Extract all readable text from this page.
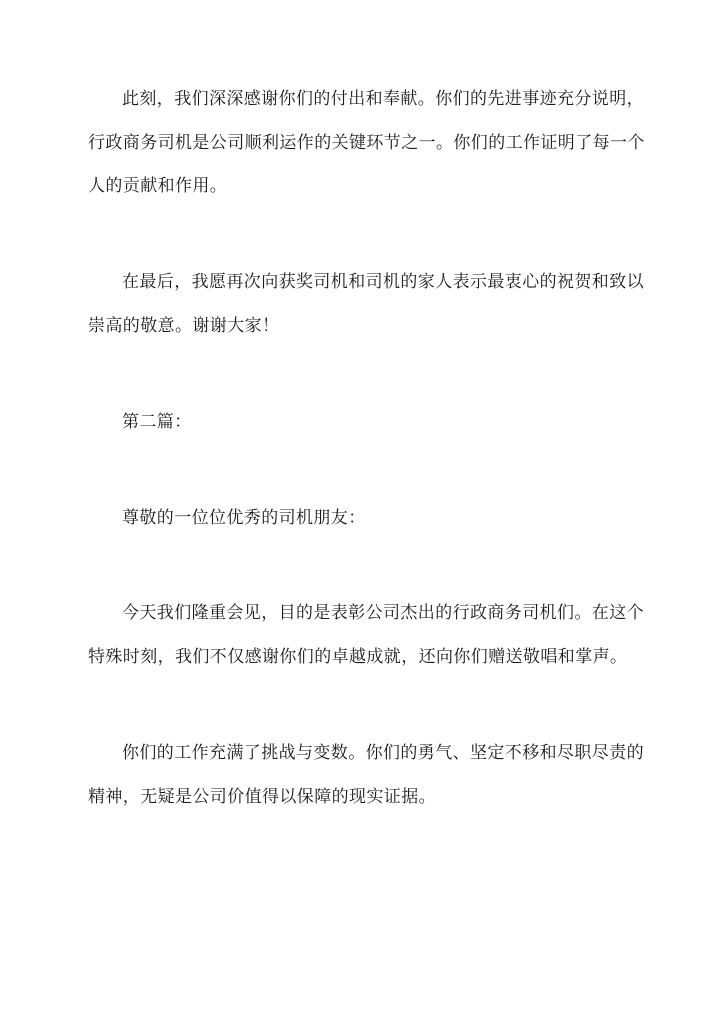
此刻，我们深深感谢你们的付出和奉献。你们的先进事迹充分说明，
行政商务司机是公司顺利运作的关键环节之一。你们的工作证明了每一个
人的贡献和作用。
在最后，我愿再次向获奖司机和司机的家人表示最衷心的祝贺和致以
崇高的敬意。谢谢大家！
第二篇：
尊敬的一位位优秀的司机朋友：
今天我们隆重会见，目的是表彰公司杰出的行政商务司机们。在这个
特殊时刻，我们不仅感谢你们的卓越成就，还向你们赠送敬唱和掌声。
你们的工作充满了挑战与变数。你们的勇气、坚定不移和尽职尽责的
精神，无疑是公司价值得以保障的现实证据。
